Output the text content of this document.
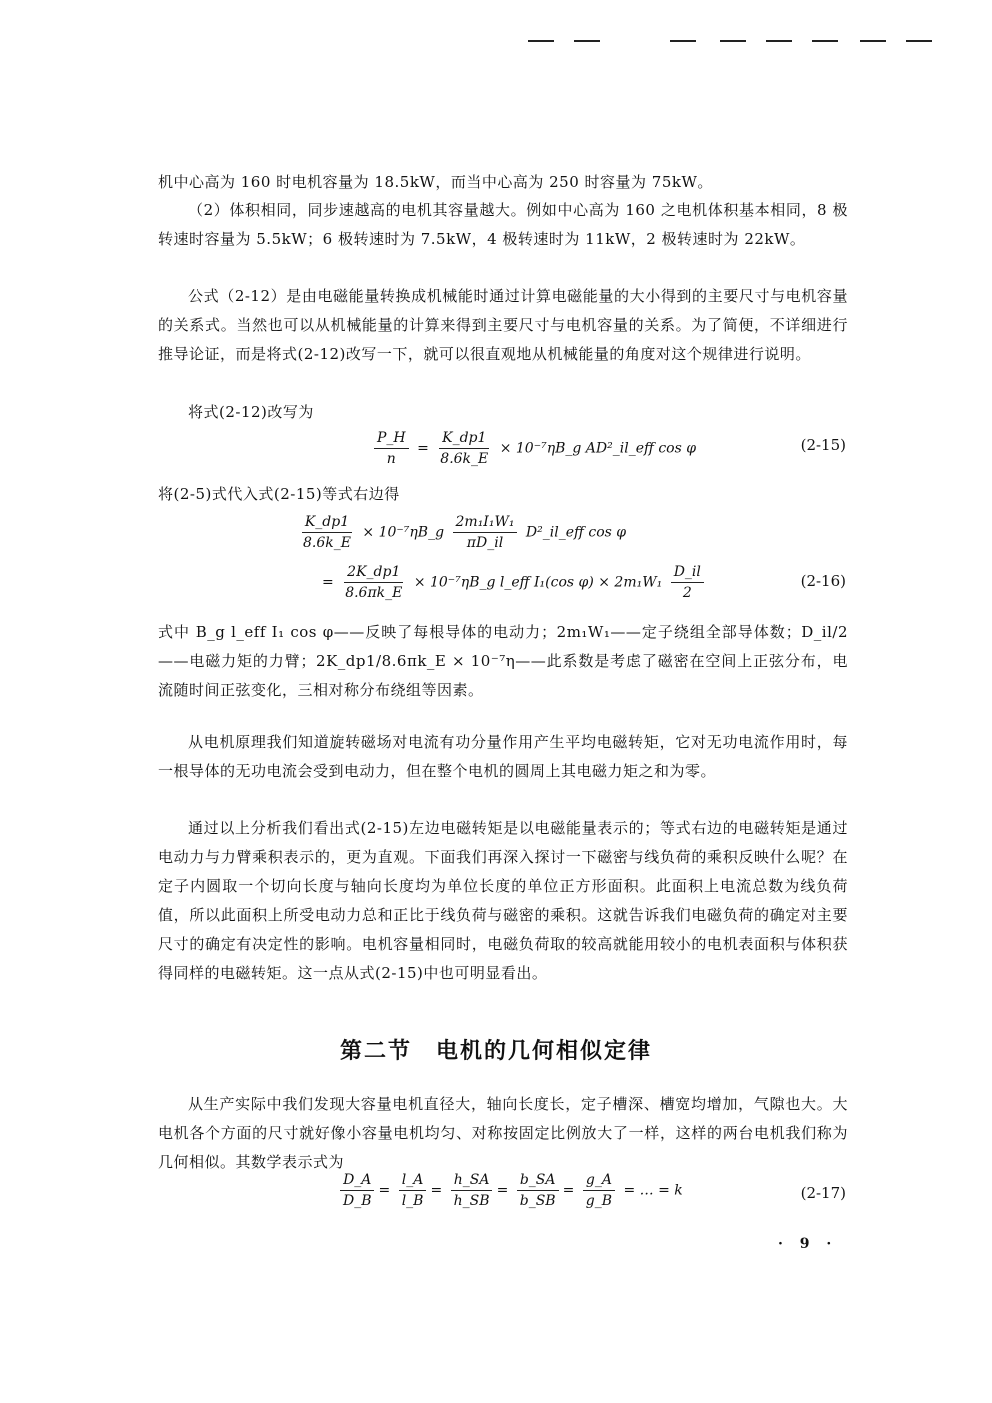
机中心高为 160 时电机容量为 18.5kW，而当中心高为 250 时容量为 75kW。

（2）体积相同，同步速越高的电机其容量越大。例如中心高为 160 之电机体积基本相同，8 极转速时容量为 5.5kW；6 极转速时为 7.5kW，4 极转速时为 11kW，2 极转速时为 22kW。

公式（2-12）是由电磁能量转换成机械能时通过计算电磁能量的大小得到的主要尺寸与电机容量的关系式。当然也可以从机械能量的计算来得到主要尺寸与电机容量的关系。为了简便，不详细进行推导论证，而是将式(2-12)改写一下，就可以很直观地从机械能量的角度对这个规律进行说明。

将式(2-12)改写为

$\frac{P\_H}{n} = \frac{K\_dp1}{8.6k\_E}$ × 10⁻⁷ηB_g AD²_il_eff cos φ	(2-15)

将(2-5)式代入式(2-15)等式右边得

$\frac{K\_dp1}{8.6k\_E}$ × 10⁻⁷ηB_g $\frac{\text{2m₁I₁W₁}}{\pi D\_il}$ D²_il_eff cos φ
= $\frac{2K\_dp1}{8.6\pi k\_E}$ × 10⁻⁷ηB_g l_eff I₁(cos $\varphi) \times 2m_1W_1 \frac{D\_il}{2}$	(2-16)

式中 B_g l_eff I₁ cos φ——反映了每根导体的电动力；2m₁W₁——定子绕组全部导体数；D_il/2——电磁力矩的力臂；2K_dp1/8.6πk_E × 10⁻⁷η——此系数是考虑了磁密在空间上正弦分布，电流随时间正弦变化，三相对称分布绕组等因素。

从电机原理我们知道旋转磁场对电流有功分量作用产生平均电磁转矩，它对无功电流作用时，每一根导体的无功电流会受到电动力，但在整个电机的圆周上其电磁力矩之和为零。

通过以上分析我们看出式(2-15)左边电磁转矩是以电磁能量表示的；等式右边的电磁转矩是通过电动力与力臂乘积表示的，更为直观。下面我们再深入探讨一下磁密与线负荷的乘积反映什么呢？在定子内圆取一个切向长度与轴向长度均为单位长度的单位正方形面积。此面积上电流总数为线负荷值，所以此面积上所受电动力总和正比于线负荷与磁密的乘积。这就告诉我们电磁负荷的确定对主要尺寸的确定有决定性的影响。电机容量相同时，电磁负荷取的较高就能用较小的电机表面积与体积获得同样的电磁转矩。这一点从式(2-15)中也可明显看出。

第二节　电机的几何相似定律

从生产实际中我们发现大容量电机直径大，轴向长度长，定子槽深、槽宽均增加，气隙也大。大电机各个方面的尺寸就好像小容量电机均匀、对称按固定比例放大了一样，这样的两台电机我们称为几何相似。其数学表示式为

$\frac{D\_A}{D\_B} = \frac{l\_A}{l\_B} = \frac{h\_SA}{h\_SB} = \frac{b\_SA}{b\_SB} = \frac{g\_A}{g\_B}$ = … = k	(2-17)
· 9 ·
